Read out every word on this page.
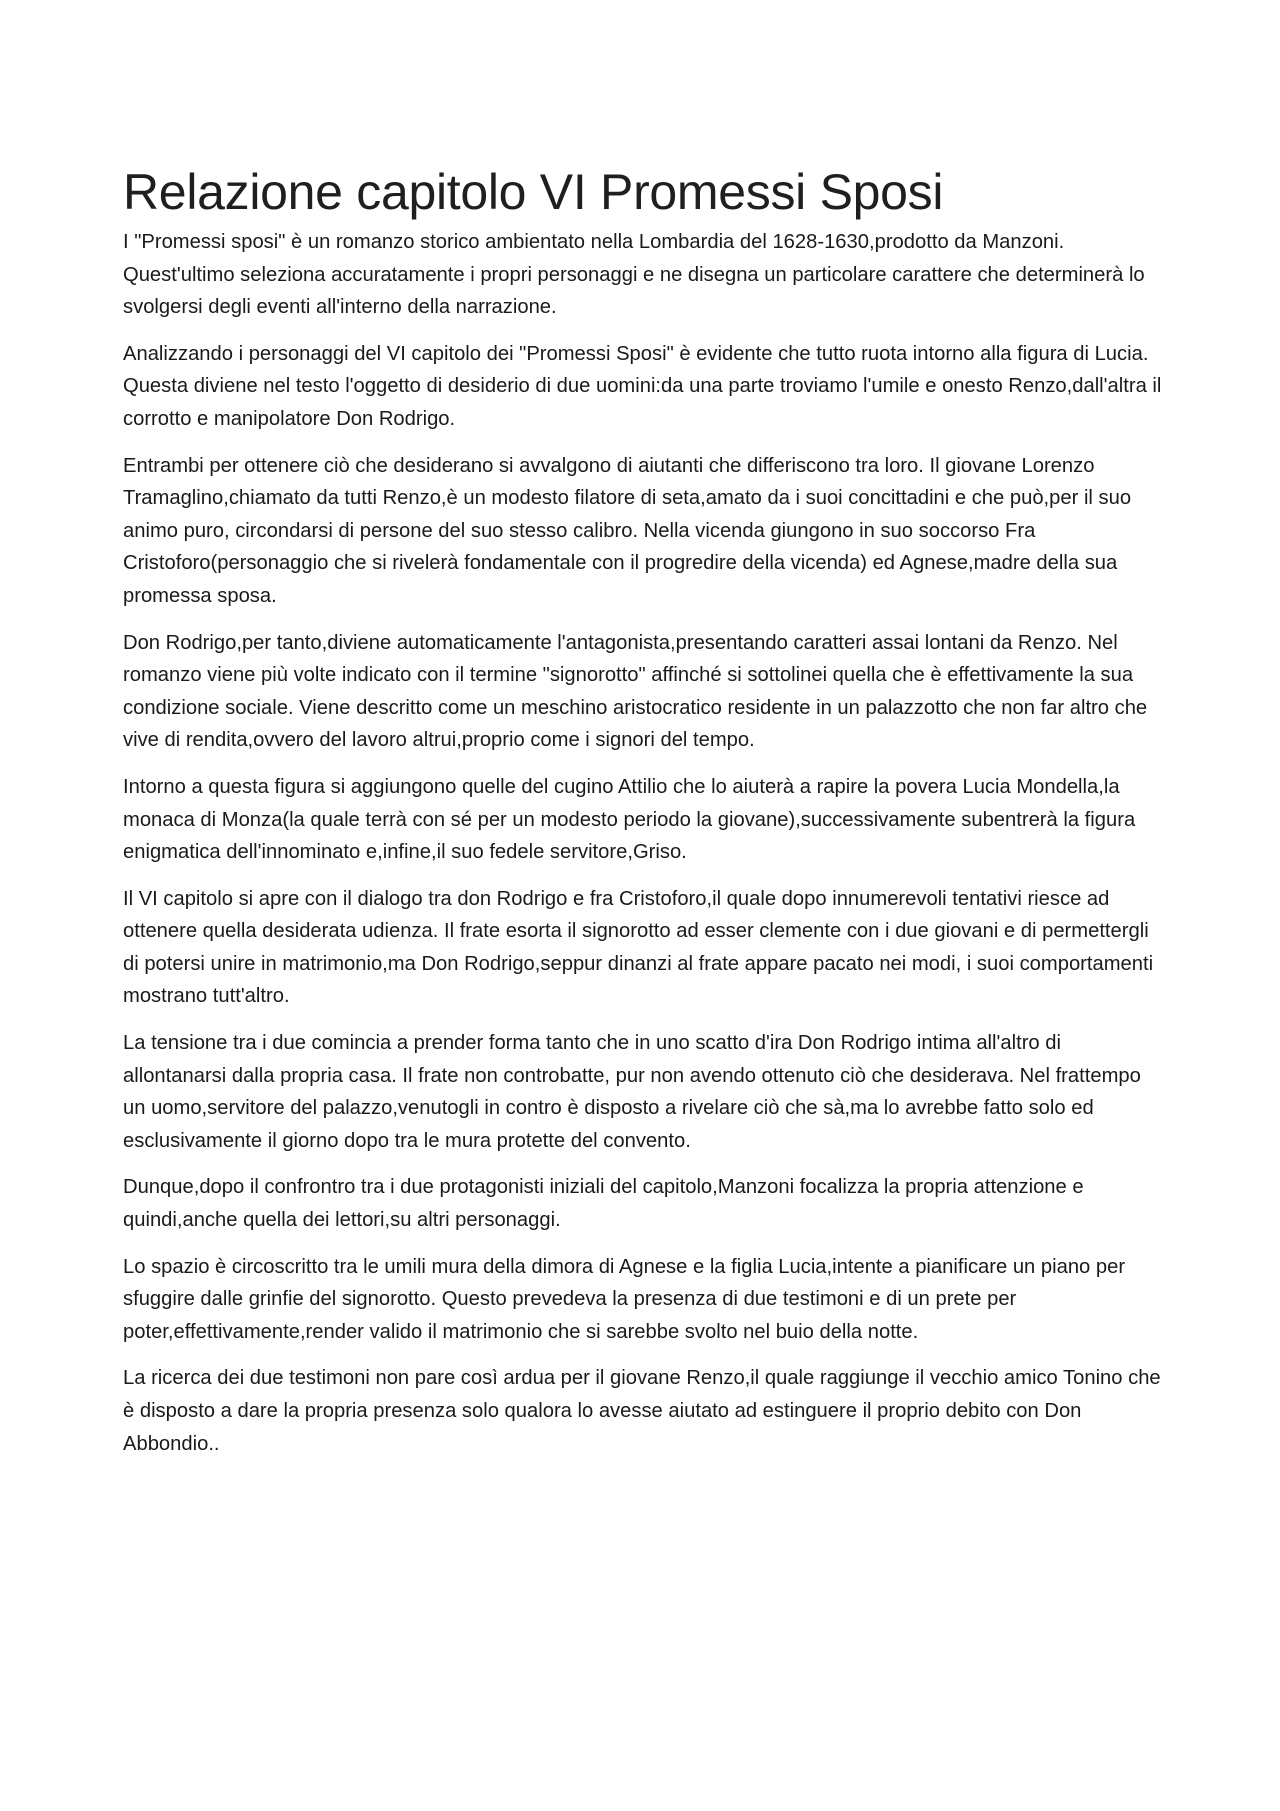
Relazione capitolo VI Promessi Sposi

I "Promessi sposi" è un romanzo storico ambientato nella Lombardia del 1628-1630,prodotto da Manzoni. Quest'ultimo seleziona accuratamente i propri personaggi e ne disegna un particolare carattere che determinerà lo svolgersi degli eventi all'interno della narrazione.

Analizzando i personaggi del VI capitolo dei "Promessi Sposi" è evidente che tutto ruota intorno alla figura di Lucia. Questa diviene nel testo l'oggetto di desiderio di due uomini:da una parte troviamo l'umile e onesto Renzo,dall'altra il corrotto e manipolatore Don Rodrigo.

Entrambi per ottenere ciò che desiderano si avvalgono di aiutanti che differiscono tra loro. Il giovane Lorenzo Tramaglino,chiamato da tutti Renzo,è un modesto filatore di seta,amato da i suoi concittadini e che può,per il suo animo puro, circondarsi di persone del suo stesso calibro. Nella vicenda giungono in suo soccorso Fra Cristoforo(personaggio che si rivelerà fondamentale con il progredire della vicenda) ed Agnese,madre della sua promessa sposa.

Don Rodrigo,per tanto,diviene automaticamente l'antagonista,presentando caratteri assai lontani da Renzo. Nel romanzo viene più volte indicato con il termine "signorotto" affinché si sottolinei quella che è effettivamente la sua condizione sociale. Viene descritto come un meschino aristocratico residente in un palazzotto che non far altro che vive di rendita,ovvero del lavoro altrui,proprio come i signori del tempo.

Intorno a questa figura si aggiungono quelle del cugino Attilio che lo aiuterà a rapire la povera Lucia Mondella,la monaca di Monza(la quale terrà con sé per un modesto periodo la giovane),successivamente subentrerà la figura enigmatica dell'innominato e,infine,il suo fedele servitore,Griso.

Il VI capitolo si apre con il dialogo tra don Rodrigo e fra Cristoforo,il quale dopo innumerevoli tentativi riesce ad ottenere quella desiderata udienza. Il frate esorta il signorotto ad esser clemente con i due giovani e di permettergli di potersi unire in matrimonio,ma Don Rodrigo,seppur dinanzi al frate appare pacato nei modi, i suoi comportamenti mostrano tutt'altro.

La tensione tra i due comincia a prender forma tanto che in uno scatto d'ira Don Rodrigo intima all'altro di allontanarsi dalla propria casa. Il frate non controbatte, pur non avendo ottenuto ciò che desiderava. Nel frattempo un uomo,servitore del palazzo,venutogli in contro è disposto a rivelare ciò che sà,ma lo avrebbe fatto solo ed esclusivamente il giorno dopo tra le mura protette del convento.

Dunque,dopo il confrontro tra i due protagonisti iniziali del capitolo,Manzoni focalizza la propria attenzione e quindi,anche quella dei lettori,su altri personaggi.

Lo spazio è circoscritto tra le umili mura della dimora di Agnese e la figlia Lucia,intente a pianificare un piano per sfuggire dalle grinfie del signorotto. Questo prevedeva la presenza di due testimoni e di un prete per poter,effettivamente,render valido il matrimonio che si sarebbe svolto nel buio della notte.

La ricerca dei due testimoni non pare così ardua per il giovane Renzo,il quale raggiunge il vecchio amico Tonino che è disposto a dare la propria presenza solo qualora lo avesse aiutato ad estinguere il proprio debito con Don Abbondio..
